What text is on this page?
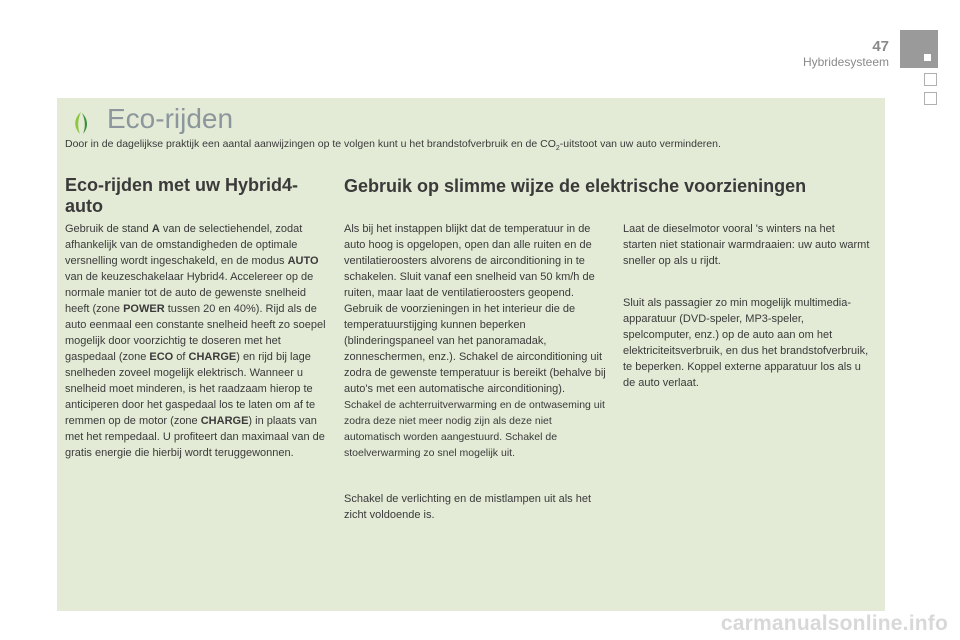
47
Hybridesysteem
Eco-rijden

Door in de dagelijkse praktijk een aantal aanwijzingen op te volgen kunt u het brandstofverbruik en de $CO_2$-uitstoot van uw auto verminderen.

Eco-rijden met uw Hybrid4-auto
Gebruik op slimme wijze de elektrische voorzieningen

Gebruik de stand A van de selectiehendel, zodat afhankelijk van de omstandigheden de optimale versnelling wordt ingeschakeld, en de modus AUTO van de keuzeschakelaar Hybrid4. Accelereer op de normale manier tot de auto de gewenste snelheid heeft (zone POWER tussen 20 en 40%). Rijd als de auto eenmaal een constante snelheid heeft zo soepel mogelijk door voorzichtig te doseren met het gaspedaal (zone ECO of CHARGE) en rijd bij lage snelheden zoveel mogelijk elektrisch. Wanneer u snelheid moet minderen, is het raadzaam hierop te anticiperen door het gaspedaal los te laten om af te remmen op de motor (zone CHARGE) in plaats van met het rempedaal. U profiteert dan maximaal van de gratis energie die hierbij wordt teruggewonnen.

Als bij het instappen blijkt dat de temperatuur in de auto hoog is opgelopen, open dan alle ruiten en de ventilatieroosters alvorens de airconditioning in te schakelen. Sluit vanaf een snelheid van 50 km/h de ruiten, maar laat de ventilatieroosters geopend. Gebruik de voorzieningen in het interieur die de temperatuurstijging kunnen beperken (blinderingspaneel van het panoramadak, zonneschermen, enz.). Schakel de airconditioning uit zodra de gewenste temperatuur is bereikt (behalve bij auto's met een automatische airconditioning).

Schakel de achterruitverwarming en de ontwaseming uit zodra deze niet meer nodig zijn als deze niet automatisch worden aangestuurd. Schakel de stoelverwarming zo snel mogelijk uit.

Schakel de verlichting en de mistlampen uit als het zicht voldoende is.

Laat de dieselmotor vooral 's winters na het starten niet stationair warmdraaien: uw auto warmt sneller op als u rijdt.

Sluit als passagier zo min mogelijk multimedia-apparatuur (DVD-speler, MP3-speler, spelcomputer, enz.) op de auto aan om het elektriciteitsverbruik, en dus het brandstofverbruik, te beperken. Koppel externe apparatuur los als u de auto verlaat.

carmanualsonline.info
